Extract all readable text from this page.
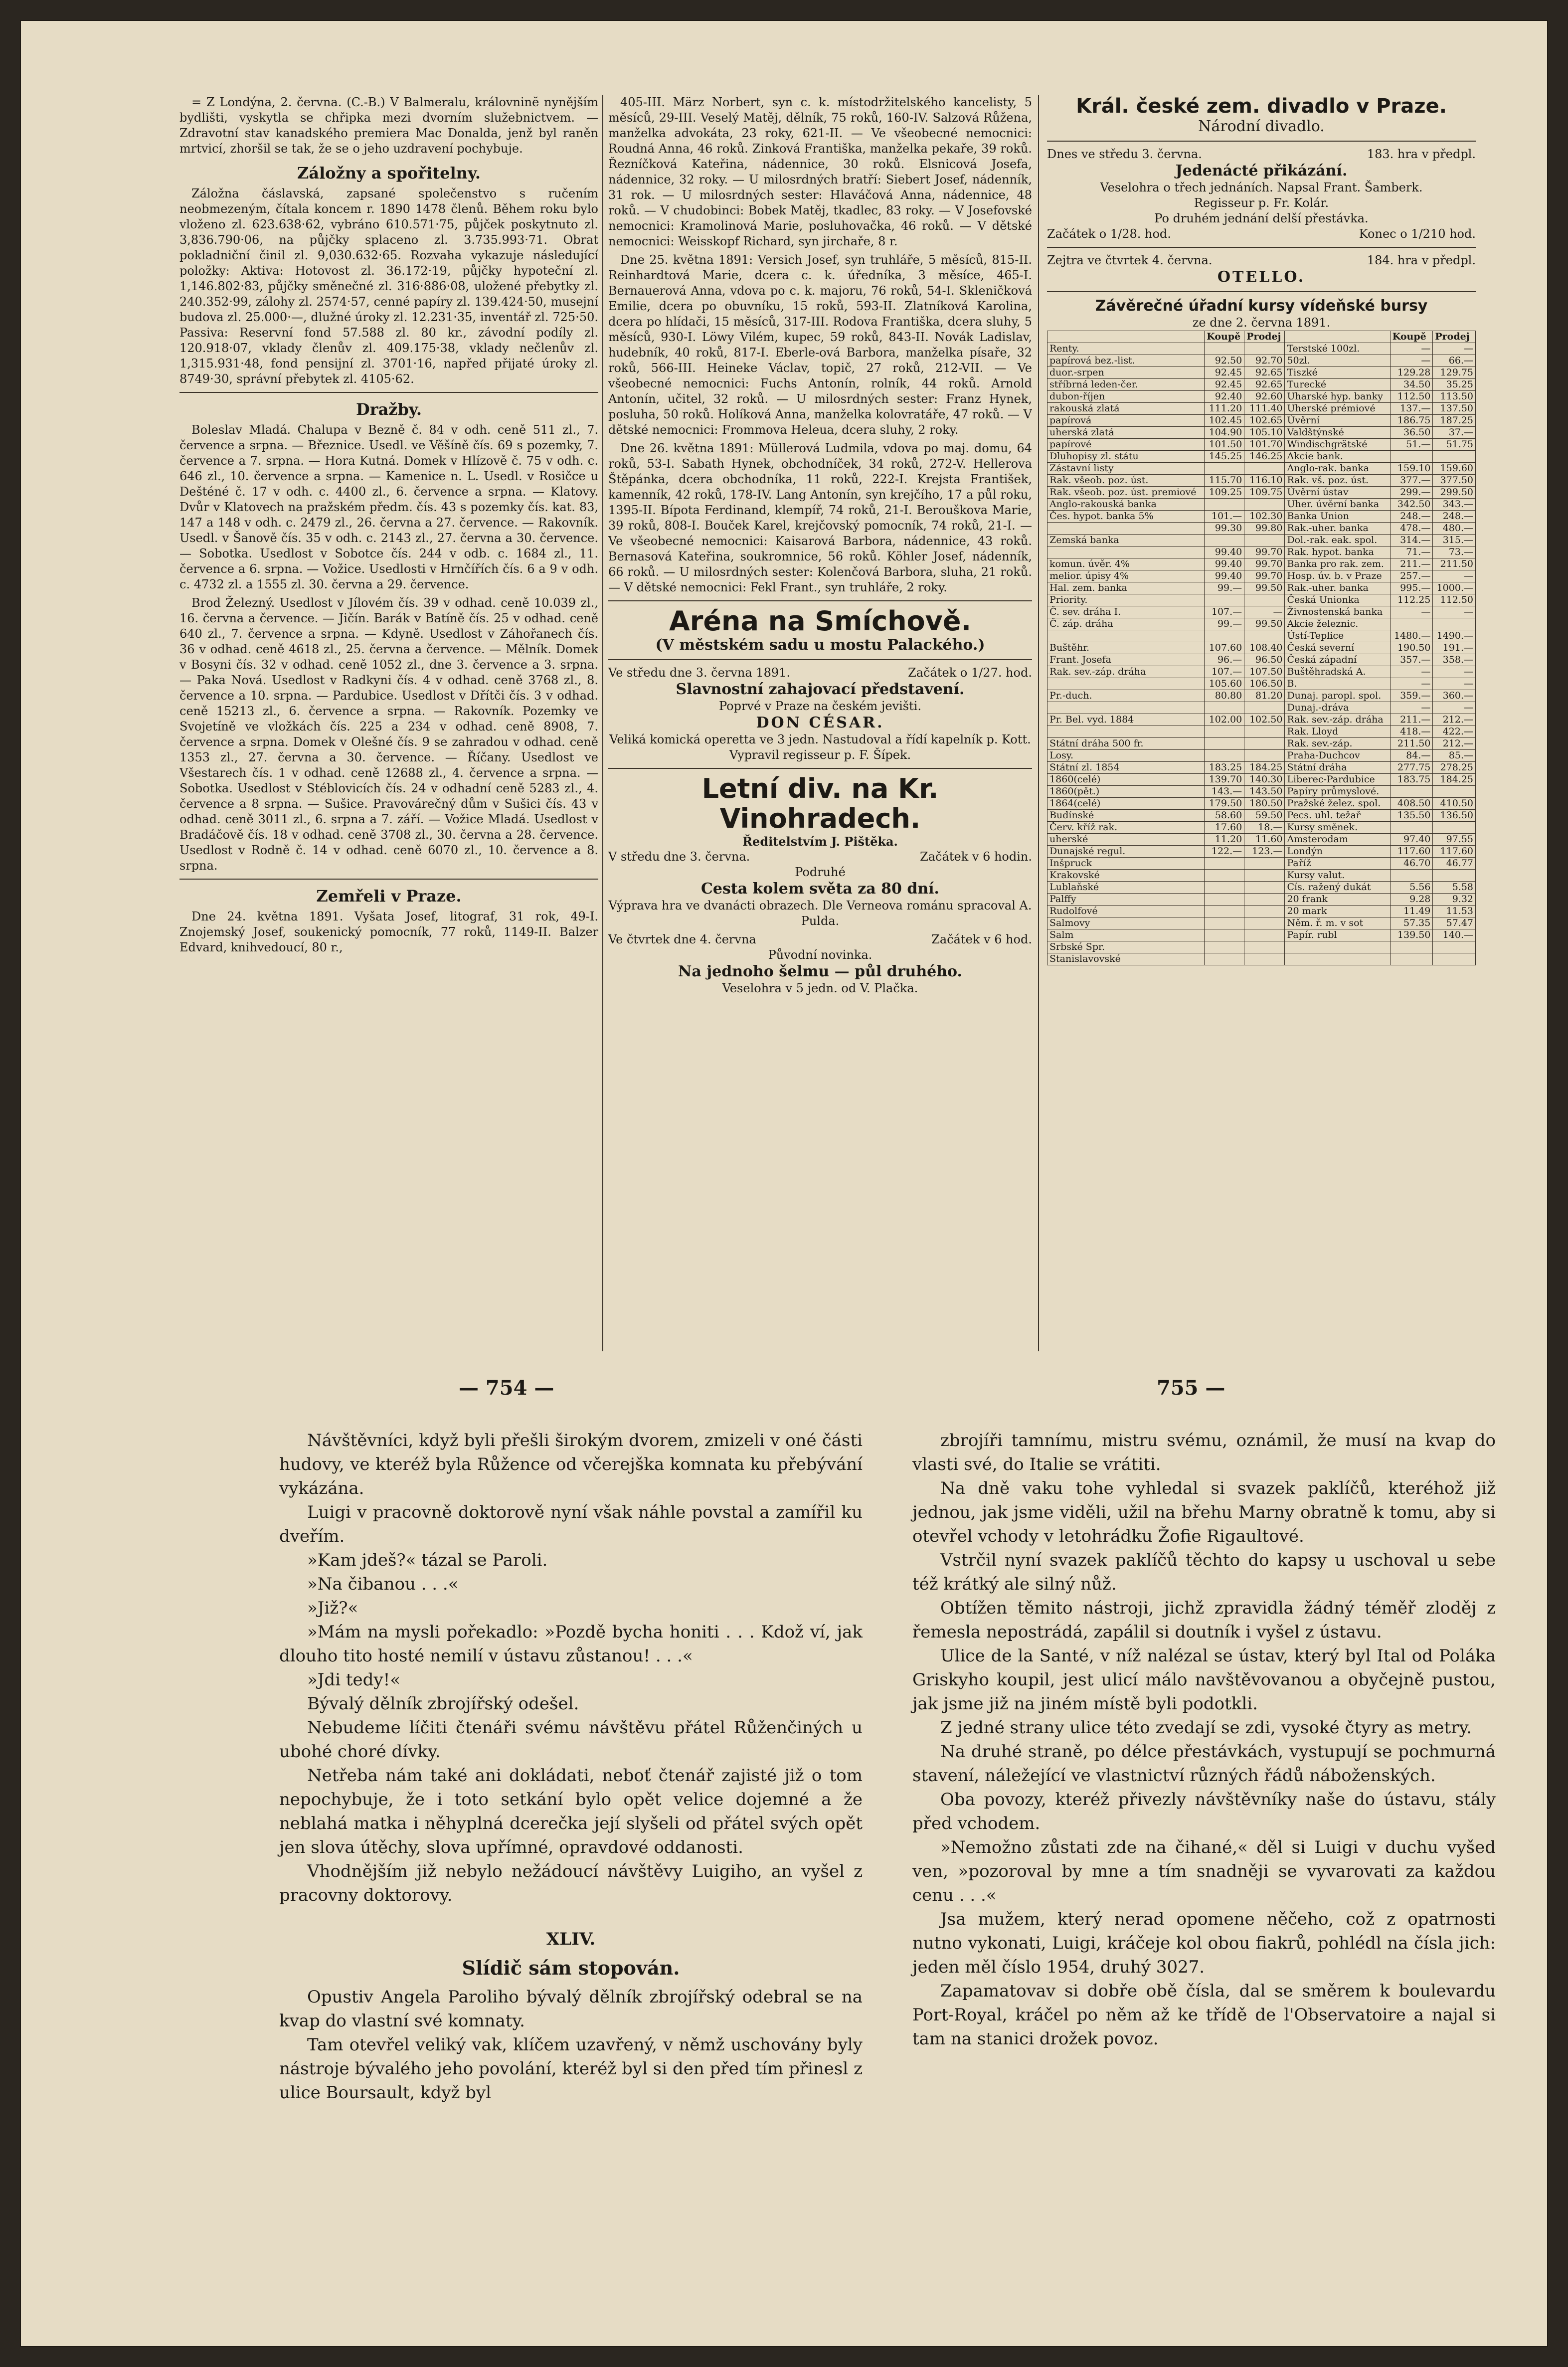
= Z Londýna, 2. června. (C.-B.) V Balmeralu, královninĕ nynějším bydlišti, vyskytla se chřipka mezi dvorním služebnictvem. — Zdravotní stav kanadského premiera Mac Donalda, jenž byl raněn mrtvicí, zhoršil se tak, že se o jeho uzdravení pochybuje.

Záložny a spořitelny.

Záložna čáslavská, zapsané společenstvo s ručením neobmezeným, čítala koncem r. 1890 1478 členů. Během roku bylo vloženo zl. 623.638·62, vybráno 610.571·75, půjček poskytnuto zl. 3,836.790·06, na půjčky splaceno zl. 3.735.993·71. Obrat pokladniční činil zl. 9,030.632·65. Rozvaha vykazuje následující položky: Aktiva: Hotovost zl. 36.172·19, půjčky hypoteční zl. 1,146.802·83, půjčky směnečné zl. 316·886·08, uložené přebytky zl. 240.352·99, zálohy zl. 2574·57, cenné papíry zl. 139.424·50, musejní budova zl. 25.000·—, dlužné úroky zl. 12.231·35, inventář zl. 725·50. Passiva: Reservní fond 57.588 zl. 80 kr., závodní podíly zl. 120.918·07, vklady členův zl. 409.175·38, vklady nečlenův zl. 1,315.931·48, fond pensijní zl. 3701·16, napřed přijaté úroky zl. 8749·30, správní přebytek zl. 4105·62.

Dražby.

Boleslav Mladá. Chalupa v Bezně č. 84 v odh. ceně 511 zl., 7. července a srpna. — Březnice. Usedl. ve Věšíně čís. 69 s pozemky, 7. července a 7. srpna. — Hora Kutná. Domek v Hlízově č. 75 v odh. c. 646 zl., 10. července a srpna. — Kamenice n. L. Usedl. v Rosičce u Dešténé č. 17 v odh. c. 4400 zl., 6. července a srpna. — Klatovy. Dvůr v Klatovech na pražském předm. čís. 43 s pozemky čís. kat. 83, 147 a 148 v odh. c. 2479 zl., 26. června a 27. července. — Rakovník. Usedl. v Šanově čís. 35 v odh. c. 2143 zl., 27. června a 30. července. — Sobotka. Usedlost v Sobotce čís. 244 v odb. c. 1684 zl., 11. července a 6. srpna. — Vožice. Usedlosti v Hrnčířích čís. 6 a 9 v odh. c. 4732 zl. a 1555 zl. 30. června a 29. července.

Brod Železný. Usedlost v Jílovém čís. 39 v odhad. ceně 10.039 zl., 16. června a července. — Jičín. Barák v Batíně čís. 25 v odhad. ceně 640 zl., 7. července a srpna. — Kdyně. Usedlost v Záhořanech čís. 36 v odhad. ceně 4618 zl., 25. června a července. — Mělník. Domek v Bosyni čís. 32 v odhad. ceně 1052 zl., dne 3. července a 3. srpna. — Paka Nová. Usedlost v Radkyni čís. 4 v odhad. ceně 3768 zl., 8. července a 10. srpna. — Pardubice. Usedlost v Dřítči čís. 3 v odhad. ceně 15213 zl., 6. července a srpna. — Rakovník. Pozemky ve Svojetíně ve vložkách čís. 225 a 234 v odhad. ceně 8908, 7. července a srpna. Domek v Olešné čís. 9 se zahradou v odhad. ceně 1353 zl., 27. června a 30. července. — Říčany. Usedlost ve Všestarech čís. 1 v odhad. ceně 12688 zl., 4. července a srpna. — Sobotka. Usedlost v Stéblovicích čís. 24 v odhadní ceně 5283 zl., 4. července a 8 srpna. — Sušice. Pravovárečný dům v Sušici čís. 43 v odhad. ceně 3011 zl., 6. srpna a 7. září. — Vožice Mladá. Usedlost v Bradáčově čís. 18 v odhad. ceně 3708 zl., 30. června a 28. července. Usedlost v Rodně č. 14 v odhad. ceně 6070 zl., 10. července a 8. srpna.

Zemřeli v Praze.

Dne 24. května 1891. Vyšata Josef, litograf, 31 rok, 49-I. Znojemský Josef, soukenický pomocník, 77 roků, 1149-II. Balzer Edvard, knihvedoucí, 80 r.,

405-III. März Norbert, syn c. k. místodržitelského kancelisty, 5 měsíců, 29-III. Veselý Matěj, dělník, 75 roků, 160-IV. Salzová Růžena, manželka advokáta, 23 roky, 621-II. — Ve všeobecné nemocnici: Roudná Anna, 46 roků. Zinková Františka, manželka pekaře, 39 roků. Řezníčková Kateřina, nádennice, 30 roků. Elsnicová Josefa, nádennice, 32 roky. — U milosrdných bratří: Siebert Josef, nádenník, 31 rok. — U milosrdných sester: Hlaváčová Anna, nádennice, 48 roků. — V chudobinci: Bobek Matěj, tkadlec, 83 roky. — V Josefovské nemocnici: Kramolinová Marie, posluhovačka, 46 roků. — V dětské nemocnici: Weisskopf Richard, syn jirchaře, 8 r.

Dne 25. května 1891: Versich Josef, syn truhláře, 5 měsíců, 815-II. Reinhardtová Marie, dcera c. k. úředníka, 3 měsíce, 465-I. Bernauerová Anna, vdova po c. k. majoru, 76 roků, 54-I. Skleničková Emilie, dcera po obuvníku, 15 roků, 593-II. Zlatníková Karolina, dcera po hlídači, 15 měsíců, 317-III. Rodova Františka, dcera sluhy, 5 měsíců, 930-I. Löwy Vilém, kupec, 59 roků, 843-II. Novák Ladislav, hudebník, 40 roků, 817-I. Eberle-ová Barbora, manželka písaře, 32 roků, 566-III. Heineke Václav, topič, 27 roků, 212-VII. — Ve všeobecné nemocnici: Fuchs Antonín, rolník, 44 roků. Arnold Antonín, učitel, 32 roků. — U milosrdných sester: Franz Hynek, posluha, 50 roků. Holíková Anna, manželka kolovratáře, 47 roků. — V dětské nemocnici: Frommova Heleua, dcera sluhy, 2 roky.

Dne 26. května 1891: Müllerová Ludmila, vdova po maj. domu, 64 roků, 53-I. Sabath Hynek, obchodníček, 34 roků, 272-V. Hellerova Štěpánka, dcera obchodníka, 11 roků, 222-I. Krejsta František, kamenník, 42 roků, 178-IV. Lang Antonín, syn krejčího, 17 a půl roku, 1395-II. Bípota Ferdinand, klempíř, 74 roků, 21-I. Berouškova Marie, 39 roků, 808-I. Bouček Karel, krejčovský pomocník, 74 roků, 21-I. — Ve všeobecné nemocnici: Kaisarová Barbora, nádennice, 43 roků. Bernasová Kateřina, soukromnice, 56 roků. Köhler Josef, nádenník, 66 roků. — U milosrdných sester: Kolenčová Barbora, sluha, 21 roků. — V dětské nemocnici: Fekl Frant., syn truhláře, 2 roky.

Aréna na Smíchově.
(V městském sadu u mostu Palackého.)
Ve středu dne 3. června 1891.	Začátek o 1/27. hod.
Slavnostní zahajovací představení.
Poprvé v Praze na českém jevišti.
DON CÉSAR.

Veliká komická operetta ve 3 jedn. Nastudoval a řídí kapelník p. Kott. Vypravil regisseur p. F. Šípek.

Letní div. na Kr. Vinohradech.
Ředitelstvím J. Pištěka.
V středu dne 3. června.	Začátek v 6 hodin.
Podruhé
Cesta kolem světa za 80 dní.

Výprava hra ve dvanácti obrazech. Dle Verneova románu spracoval A. Pulda.

Ve čtvrtek dne 4. června	Začátek v 6 hod.
Původní novinka.
Na jednoho šelmu — půl druhého.
Veselohra v 5 jedn. od V. Plačka.
Král. české zem. divadlo v Praze.
Národní divadlo.
Dnes ve středu 3. června.	183. hra v předpl.
Jedenácté přikázání.
Veselohra o třech jednáních. Napsal Frant. Šamberk.
Regisseur p. Fr. Kolár.
Po druhém jednání delší přestávka.
Začátek o 1/28. hod.	Konec o 1/210 hod.
Zejtra ve čtvrtek 4. června.	184. hra v předpl.
OTELLO.
Závěrečné úřadní kursy vídeňské bursy
ze dne 2. června 1891.
	Koupě	Prodej		Koupě	Prodej
Renty.			Terstské 100zl.	—	—
papírová bez.-list.	92.50	92.70	50zl.	—	66.—
duor.-srpen	92.45	92.65	Tiszké	129.28	129.75
stříbrná leden-čer.	92.45	92.65	Turecké	34.50	35.25
dubon-říjen	92.40	92.60	Uharské hyp. banky	112.50	113.50
rakouská zlatá	111.20	111.40	Uherské prémiové	137.—	137.50
papírová	102.45	102.65	Úvěrní	186.75	187.25
uherská zlatá	104.90	105.10	Valdštýnské	36.50	37.—
papírové	101.50	101.70	Windischgrätské	51.—	51.75
Dluhopisy zl. státu	145.25	146.25	Akcie bank.		
Zástavní listy			Anglo-rak. banka	159.10	159.60
Rak. všeob. poz. úst.	115.70	116.10	Rak. vš. poz. úst.	377.—	377.50
Rak. všeob. poz. úst. premiové	109.25	109.75	Úvěrní ústav	299.—	299.50
Anglo-rakouská banka			Uher. úvěrní banka	342.50	343.—
Čes. hypot. banka 5%	101.—	102.30	Banka Union	248.—	248.—
	99.30	99.80	Rak.-uher. banka	478.—	480.—
Zemská banka			Dol.-rak. eak. spol.	314.—	315.—
	99.40	99.70	Rak. hypot. banka	71.—	73.—
komun. úvěr. 4%	99.40	99.70	Banka pro rak. zem.	211.—	211.50
melior. úpisy 4%	99.40	99.70	Hosp. úv. b. v Praze	257.—	—
Hal. zem. banka	99.—	99.50	Rak.-uher. banka	995.—	1000.—
Priority.			Česká Unionka	112.25	112.50
Č. sev. dráha I.	107.—	—	Živnostenská banka	—	—
Č. záp. dráha	99.—	99.50	Akcie železnic.		
			Ústí-Teplice	1480.—	1490.—
Buštěhr.	107.60	108.40	Česká severní	190.50	191.—
Frant. Josefa	96.—	96.50	Česká západní	357.—	358.—
Rak. sev.-záp. dráha	107.—	107.50	Buštěhradská A.	—	—
	105.60	106.50	B.	—	—
Pr.-duch.	80.80	81.20	Dunaj. paropl. spol.	359.—	360.—
			Dunaj.-dráva	—	—
Pr. Bel. vyd. 1884	102.00	102.50	Rak. sev.-záp. dráha	211.—	212.—
			Rak. Lloyd	418.—	422.—
Státní dráha 500 fr.			Rak. sev.-záp.	211.50	212.—
Losy.			Praha-Duchcov	84.—	85.—
Státní zl. 1854	183.25	184.25	Státní dráha	277.75	278.25
1860(celé)	139.70	140.30	Liberec-Pardubice	183.75	184.25
1860(pět.)	143.—	143.50	Papíry průmyslové.		
1864(celé)	179.50	180.50	Pražské želez. spol.	408.50	410.50
Budínské	58.60	59.50	Pecs. uhl. težař	135.50	136.50
Červ. kříž rak.	17.60	18.—	Kursy směnek.		
uherské	11.20	11.60	Amsterodam	97.40	97.55
Dunajské regul.	122.—	123.—	Londýn	117.60	117.60
Inšpruck			Paříž	46.70	46.77
Krakovské			Kursy valut.		
Lublaňské			Cís. ražený dukát	5.56	5.58
Palffy			20 frank	9.28	9.32
Rudolfové			20 mark	11.49	11.53
Salmovy			Něm. ř. m. v sot	57.35	57.47
Salm			Papír. rubl	139.50	140.—
Srbské Spr.					
Stanislavovské					
— 754 —	755 —

Návštěvníci, když byli přešli širokým dvorem, zmizeli v oné části hudovy, ve kteréž byla Růžence od včerejška komnata ku přebývání vykázána.

Luigi v pracovně doktorově nyní však náhle povstal a zamířil ku dveřím.

»Kam jdeš?« tázal se Paroli.

»Na čibanou . . .«

»Již?«

»Mám na mysli pořekadlo: »Pozdě bycha honiti . . . Kdož ví, jak dlouho tito hosté nemilí v ústavu zůstanou! . . .«

»Jdi tedy!«

Bývalý dělník zbrojířský odešel.

Nebudeme líčiti čtenáři svému návštěvu přátel Růženčiných u ubohé choré dívky.

Netřeba nám také ani dokládati, neboť čtenář zajisté již o tom nepochybuje, že i toto setkání bylo opět velice dojemné a že neblahá matka i něhyplná dcerečka její slyšeli od přátel svých opět jen slova útěchy, slova upřímné, opravdové oddanosti.

Vhodnějším již nebylo nežádoucí návštěvy Luigiho, an vyšel z pracovny doktorovy.

XLIV.

Slídič sám stopován.

Opustiv Angela Paroliho bývalý dělník zbrojířský odebral se na kvap do vlastní své komnaty.

Tam otevřel veliký vak, klíčem uzavřený, v němž uschovány byly nástroje bývalého jeho povolání, kteréž byl si den před tím přinesl z ulice Boursault, když byl

zbrojíři tamnímu, mistru svému, oznámil, že musí na kvap do vlasti své, do Italie se vrátiti.

Na dně vaku tohe vyhledal si svazek paklíčů, kteréhož již jednou, jak jsme viděli, užil na břehu Marny obratně k tomu, aby si otevřel vchody v letohrádku Žofie Rigaultové.

Vstrčil nyní svazek paklíčů těchto do kapsy u uschoval u sebe též krátký ale silný nůž.

Obtížen těmito nástroji, jichž zpravidla žádný téměř zloděj z řemesla nepostrádá, zapálil si doutník i vyšel z ústavu.

Ulice de la Santé, v níž nalézal se ústav, který byl Ital od Poláka Griskyho koupil, jest ulicí málo navštěvovanou a obyčejně pustou, jak jsme již na jiném místě byli podotkli.

Z jedné strany ulice této zvedají se zdi, vysoké čtyry as metry.

Na druhé straně, po délce přestávkách, vystupují se pochmurná stavení, náležející ve vlastnictví různých řádů náboženských.

Oba povozy, kteréž přivezly návštěvníky naše do ústavu, stály před vchodem.

»Nemožno zůstati zde na čihané,« děl si Luigi v duchu vyšed ven, »pozoroval by mne a tím snadněji se vyvarovati za každou cenu . . .«

Jsa mužem, který nerad opomene něčeho, což z opatrnosti nutno vykonati, Luigi, kráčeje kol obou fiakrů, pohlédl na čísla jich: jeden měl číslo 1954, druhý 3027.

Zapamatovav si dobře obě čísla, dal se směrem k boulevardu Port-Royal, kráčel po něm až ke třídě de l'Observatoire a najal si tam na stanici drožek povoz.
